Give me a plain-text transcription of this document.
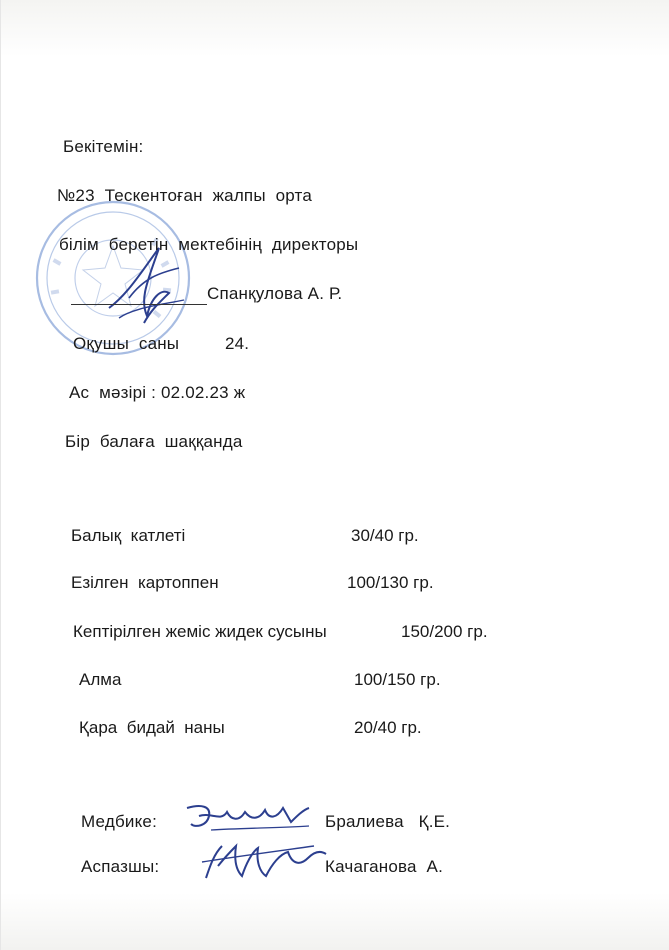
Бекітемін:
№23  Тескентоған  жалпы  орта
білім  беретін  мектебінің  директоры
Спанқулова А. Р.
Оқушы  саны	24.
Ас  мәзірі : 02.02.23 ж
Бір  балаға  шаққанда
Балық  катлеті	30/40 гр.
Езілген  картоппен	100/130 гр.
Кептірілген жеміс жидек сусыны	150/200 гр.
Алма	100/150 гр.
Қара  бидай  наны	20/40 гр.
Медбике:	Бралиева   Қ.Е.
Аспазшы:	Качаганова  А.
